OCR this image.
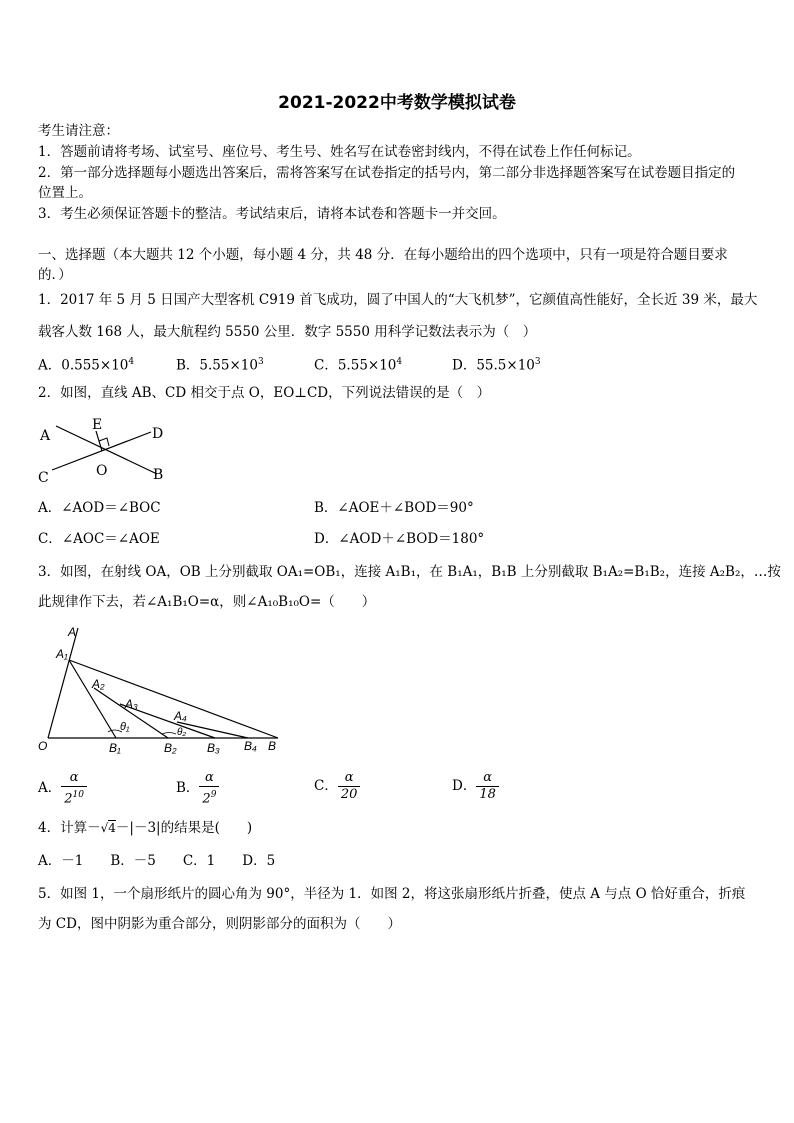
2021-2022中考数学模拟试卷
考生请注意：
1．答题前请将考场、试室号、座位号、考生号、姓名写在试卷密封线内，不得在试卷上作任何标记。
2．第一部分选择题每小题选出答案后，需将答案写在试卷指定的括号内，第二部分非选择题答案写在试卷题目指定的
位置上。
3．考生必须保证答题卡的整洁。考试结束后，请将本试卷和答题卡一并交回。
一、选择题（本大题共 12 个小题，每小题 4 分，共 48 分．在每小题给出的四个选项中，只有一项是符合题目要求
的．）
1．2017 年 5 月 5 日国产大型客机 C919 首飞成功，圆了中国人的“大飞机梦”，它颜值高性能好，全长近 39 米，最大
载客人数 168 人，最大航程约 5550 公里．数字 5550 用科学记数法表示为（　）
A．$0.555\times 10^4$	B．$5.55\times 10^3$	C．$5.55\times 10^4$	D．$55.5\times 10^3$
2．如图，直线 AB、CD 相交于点 O，EO⊥CD，下列说法错误的是（　）
A	D
E
C	O	B
A．∠AOD＝∠BOC	B．∠AOE＋∠BOD＝90°
C．∠AOC＝∠AOE	D．∠AOD＋∠BOD＝180°
3．如图，在射线 OA，OB 上分别截取 OA₁=OB₁，连接 A₁B₁，在 B₁A₁，B₁B 上分别截取 B₁A₂=B₁B₂，连接 A₂B₂，…按
此规律作下去，若∠A₁B₁O=α，则∠A₁₀B₁₀O=（　　）
A
A₁
A₂
A₃
A₄
θ₁	θ₂
O	B₁	B₂	B₃ B₄ B
A． $\frac{\alpha}{2^{10}}$	B． $\frac{\alpha}{2^9}$	C． $\frac{\alpha}{20}$	D． $\frac{\alpha}{18}$
4．计算－√4－|－3|的结果是(　　)
A．－1　　B．－5　　C．1　　D．5
5．如图 1，一个扇形纸片的圆心角为 90°，半径为 1．如图 2，将这张扇形纸片折叠，使点 A 与点 O 恰好重合，折痕
为 CD，图中阴影为重合部分，则阴影部分的面积为（　　）
